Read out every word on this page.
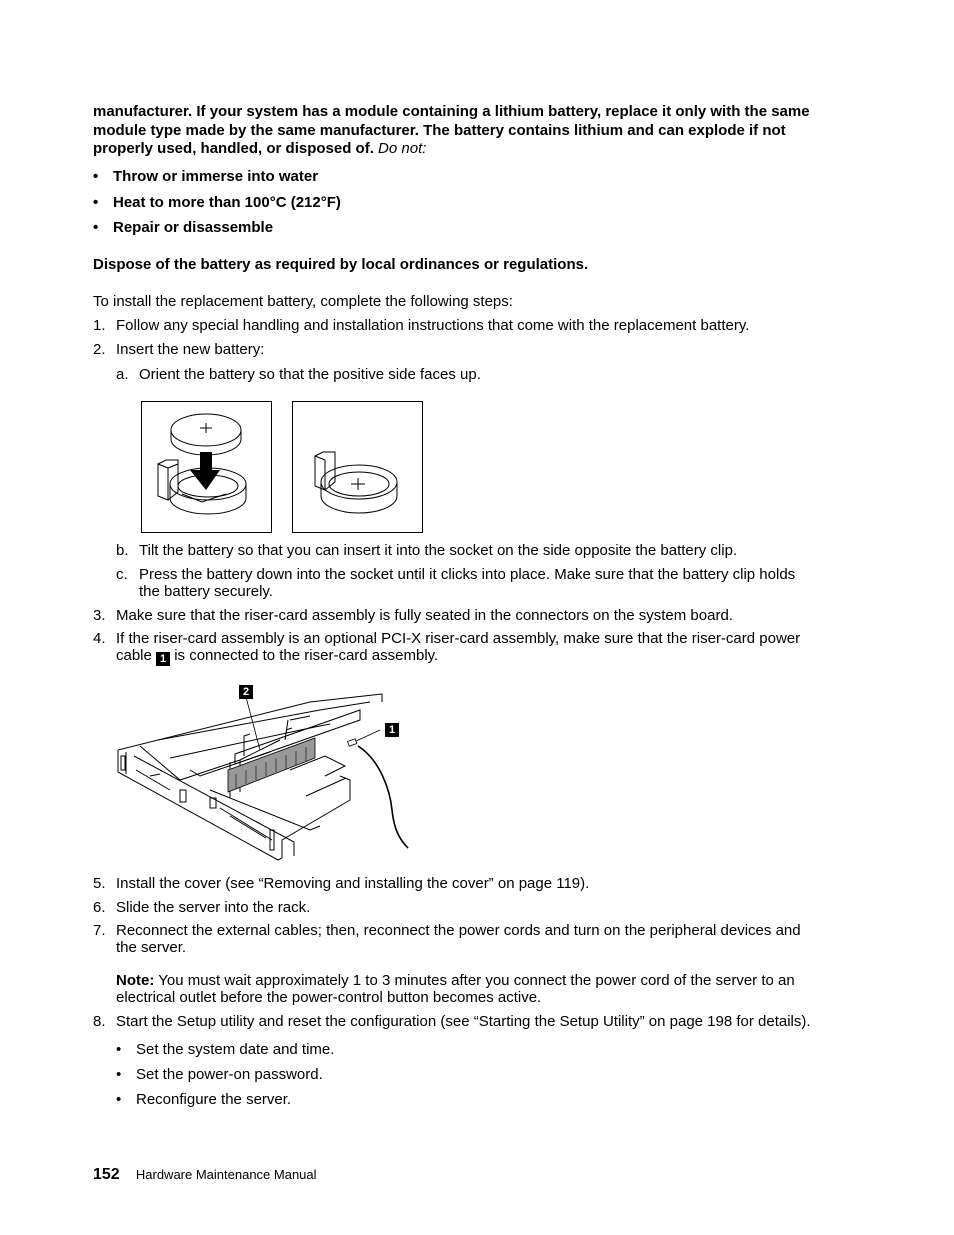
manufacturer. If your system has a module containing a lithium battery, replace it only with the same
module type made by the same manufacturer. The battery contains lithium and can explode if not
properly used, handled, or disposed of. Do not:
• Throw or immerse into water
• Heat to more than 100°C (212°F)
• Repair or disassemble
Dispose of the battery as required by local ordinances or regulations.
To install the replacement battery, complete the following steps:
1. Follow any special handling and installation instructions that come with the replacement battery.
2. Insert the new battery:
a. Orient the battery so that the positive side faces up.
b. Tilt the battery so that you can insert it into the socket on the side opposite the battery clip.
c. Press the battery down into the socket until it clicks into place. Make sure that the battery clip holds
the battery securely.
3. Make sure that the riser-card assembly is fully seated in the connectors on the system board.
4. If the riser-card assembly is an optional PCI-X riser-card assembly, make sure that the riser-card power
cable 1 is connected to the riser-card assembly.
2
1
5. Install the cover (see “Removing and installing the cover” on page 119).
6. Slide the server into the rack.
7. Reconnect the external cables; then, reconnect the power cords and turn on the peripheral devices and
the server.
Note: You must wait approximately 1 to 3 minutes after you connect the power cord of the server to an
electrical outlet before the power-control button becomes active.
8. Start the Setup utility and reset the configuration (see “Starting the Setup Utility” on page 198 for details).
• Set the system date and time.
• Set the power-on password.
• Reconfigure the server.
152 Hardware Maintenance Manual
